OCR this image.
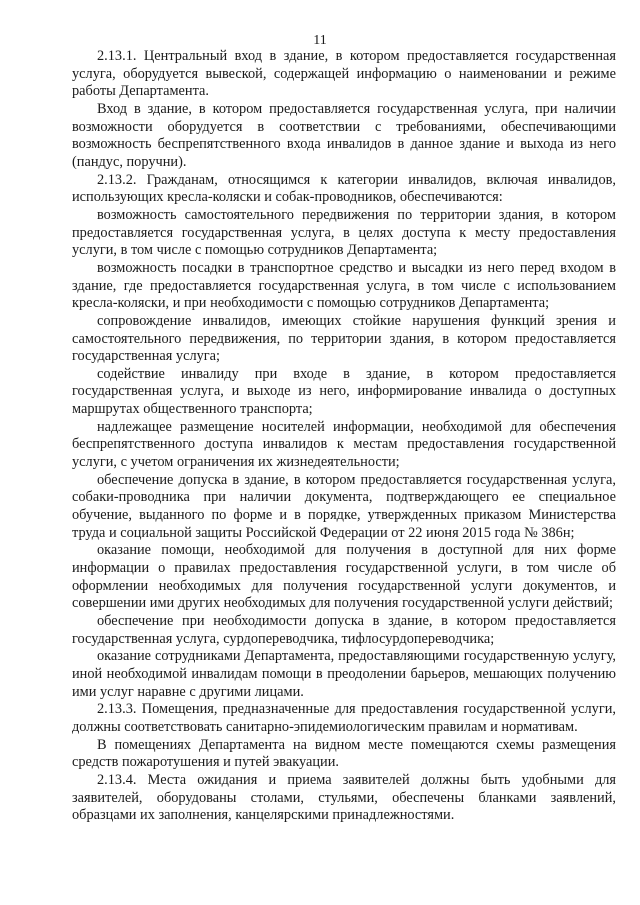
11

2.13.1. Центральный вход в здание, в котором предоставляется государственная услуга, оборудуется вывеской, содержащей информацию о наименовании и режиме работы Департамента.

Вход в здание, в котором предоставляется государственная услуга, при наличии возможности оборудуется в соответствии с требованиями, обеспечивающими возможность беспрепятственного входа инвалидов в данное здание и выхода из него (пандус, поручни).

2.13.2. Гражданам, относящимся к категории инвалидов, включая инвалидов, использующих кресла-коляски и собак-проводников, обеспечиваются:

возможность самостоятельного передвижения по территории здания, в котором предоставляется государственная услуга, в целях доступа к месту предоставления услуги, в том числе с помощью сотрудников Департамента;

возможность посадки в транспортное средство и высадки из него перед входом в здание, где предоставляется государственная услуга, в том числе с использованием кресла-коляски, и при необходимости с помощью сотрудников Департамента;

сопровождение инвалидов, имеющих стойкие нарушения функций зрения и самостоятельного передвижения, по территории здания, в котором предоставляется государственная услуга;

содействие инвалиду при входе в здание, в котором предоставляется государственная услуга, и выходе из него, информирование инвалида о доступных маршрутах общественного транспорта;

надлежащее размещение носителей информации, необходимой для обеспечения беспрепятственного доступа инвалидов к местам предоставления государственной услуги, с учетом ограничения их жизнедеятельности;

обеспечение допуска в здание, в котором предоставляется государственная услуга, собаки-проводника при наличии документа, подтверждающего ее специальное обучение, выданного по форме и в порядке, утвержденных приказом Министерства труда и социальной защиты Российской Федерации от 22 июня 2015 года № 386н;

оказание помощи, необходимой для получения в доступной для них форме информации о правилах предоставления государственной услуги, в том числе об оформлении необходимых для получения государственной услуги документов, и совершении ими других необходимых для получения государственной услуги действий;

обеспечение при необходимости допуска в здание, в котором предоставляется государственная услуга, сурдопереводчика, тифлосурдопереводчика;

оказание сотрудниками Департамента, предоставляющими государственную услугу, иной необходимой инвалидам помощи в преодолении барьеров, мешающих получению ими услуг наравне с другими лицами.

2.13.3. Помещения, предназначенные для предоставления государственной услуги, должны соответствовать санитарно-эпидемиологическим правилам и нормативам.

В помещениях Департамента на видном месте помещаются схемы размещения средств пожаротушения и путей эвакуации.

2.13.4. Места ожидания и приема заявителей должны быть удобными для заявителей, оборудованы столами, стульями, обеспечены бланками заявлений, образцами их заполнения, канцелярскими принадлежностями.
